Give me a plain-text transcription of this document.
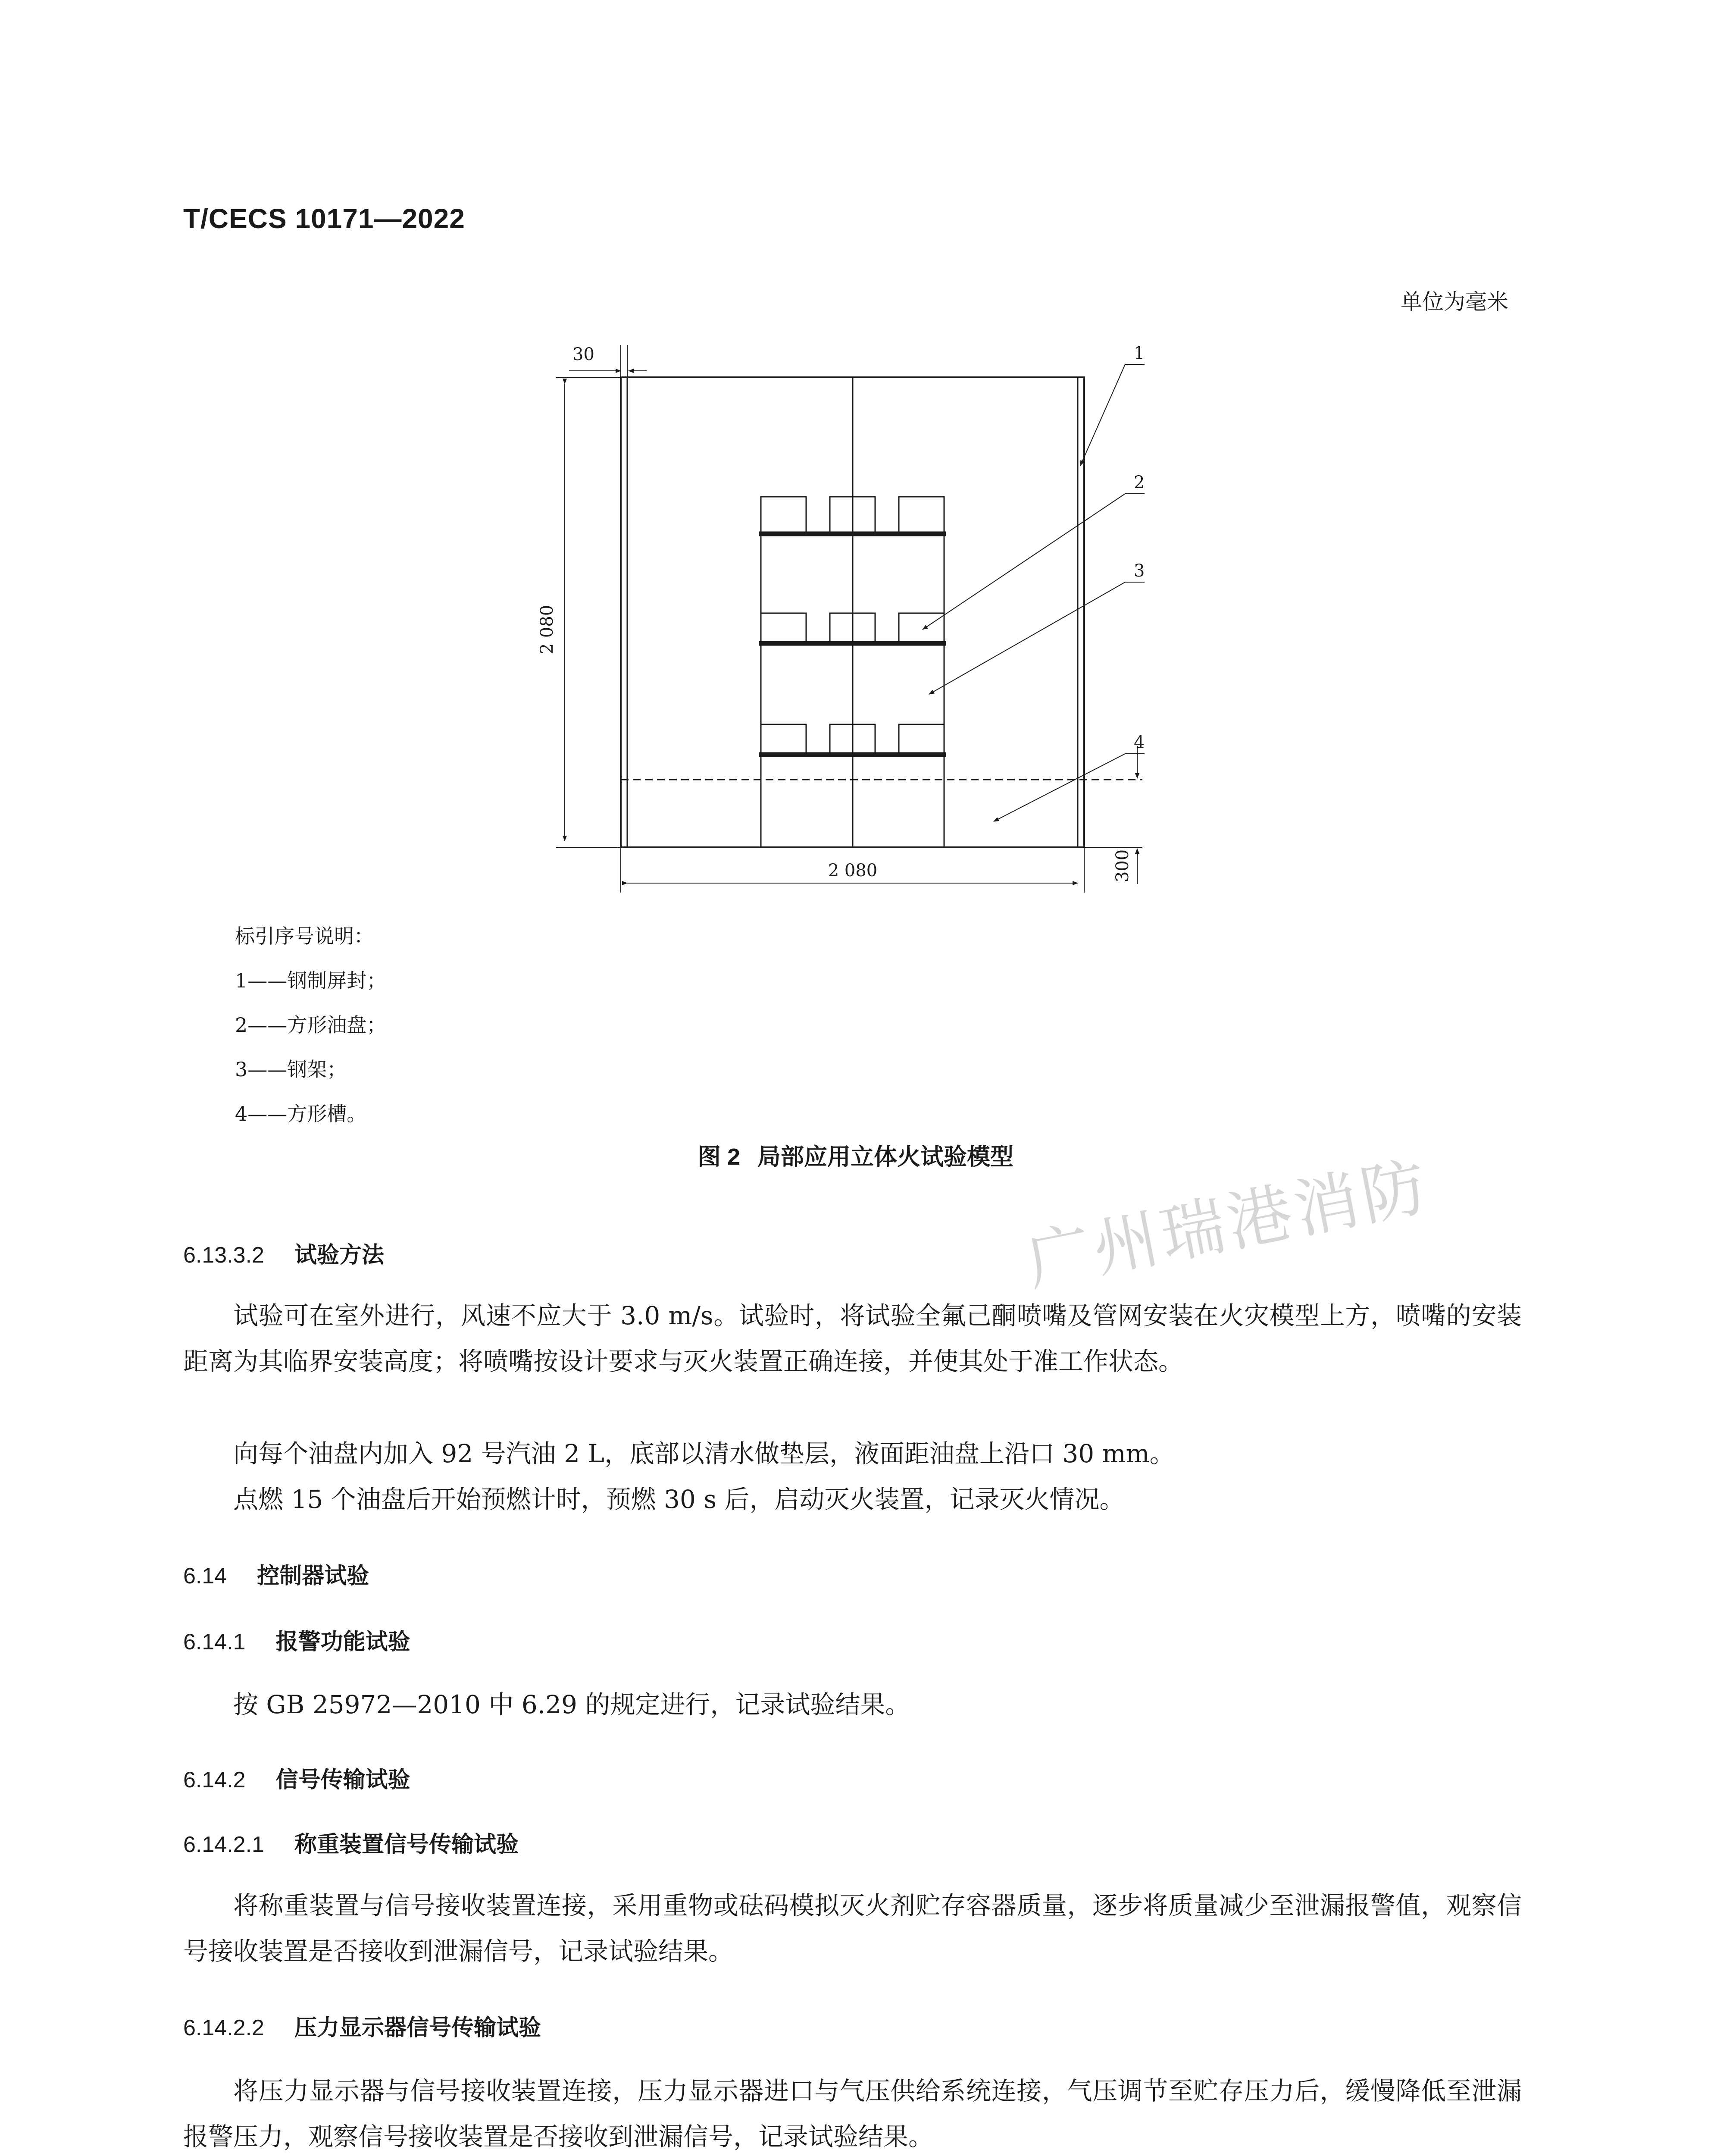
T/CECS 10171—2022
单位为毫米
30
2 080
2 080	300
1
2
3
4
标引序号说明：
1——钢制屏封；
2——方形油盘；
3——钢架；
4——方形槽。
图 2 局部应用立体火试验模型 广州瑞港消防
6.13.3.2 试验方法
试验可在室外进行，风速不应大于 3.0 m/s。试验时，将试验全氟己酮喷嘴及管网安装在火灾模型上方，喷嘴的安装距离为其临界安装高度；将喷嘴按设计要求与灭火装置正确连接，并使其处于准工作状态。
向每个油盘内加入 92 号汽油 2 L，底部以清水做垫层，液面距油盘上沿口 30 mm。
点燃 15 个油盘后开始预燃计时，预燃 30 s 后，启动灭火装置，记录灭火情况。
6.14 控制器试验
6.14.1 报警功能试验
按 GB 25972—2010 中 6.29 的规定进行，记录试验结果。
6.14.2 信号传输试验
6.14.2.1 称重装置信号传输试验
将称重装置与信号接收装置连接，采用重物或砝码模拟灭火剂贮存容器质量，逐步将质量减少至泄漏报警值，观察信号接收装置是否接收到泄漏信号，记录试验结果。
6.14.2.2 压力显示器信号传输试验
将压力显示器与信号接收装置连接，压力显示器进口与气压供给系统连接，气压调节至贮存压力后，缓慢降低至泄漏报警压力，观察信号接收装置是否接收到泄漏信号，记录试验结果。
